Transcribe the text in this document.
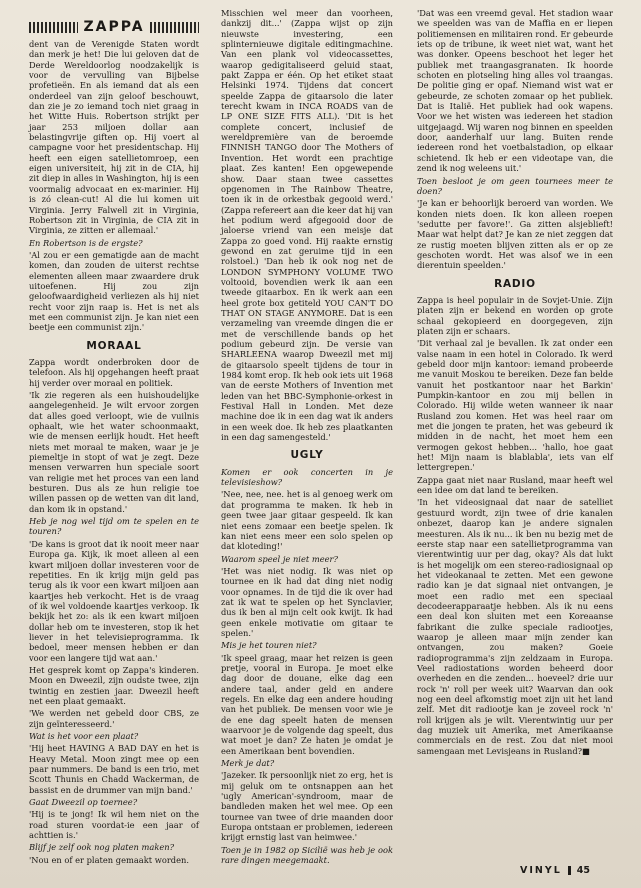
ZAPPA

dent van de Verenigde Staten wordt dan merk je het! Die lui geloven dat de Derde Wereldoorlog noodzakelijk is voor de vervulling van Bijbelse profetieën. En als iemand dat als een onderdeel van zijn geloof beschouwt, dan zie je zo iemand toch niet graag in het Witte Huis. Robertson strijkt per jaar 253 miljoen dollar aan belastingvrije giften op. Hij voert al campagne voor het presidentschap. Hij heeft een eigen satellietomroep, een eigen universiteit, hij zit in de CIA, hij zit diep in alles in Washington, hij is een voormalig advocaat en ex-marinier. Hij is zó clean-cut! Al die lui komen uit Virginia. Jerry Falwell zit in Virginia, Robertson zit in Virginia, de CIA zit in Virginia, ze zitten er allemaal.'

En Robertson is de ergste?

'Al zou er een gematigde aan de macht komen, dan zouden de uiterst rechtse elementen alleen maar zwaardere druk uitoefenen. Hij zou zijn geloofwaardigheid verliezen als hij niet recht voor zijn raap is. Het is net als met een communist zijn. Je kan niet een beetje een communist zijn.'

MORAAL

Zappa wordt onderbroken door de telefoon. Als hij opgehangen heeft praat hij verder over moraal en politiek.

'Ik zie regeren als een huishoudelijke aangelegenheid. Je wilt ervoor zorgen dat alles goed verloopt, wie de vuilnis ophaalt, wie het water schoonmaakt, wie de mensen eerlijk houdt. Het heeft niets met moraal te maken, waar je je piemeltje in stopt of wat je zegt. Deze mensen verwarren hun speciale soort van religie met het proces van een land besturen. Dus als ze hun religie toe willen passen op de wetten van dit land, dan kom ik in opstand.'

Heb je nog wel tijd om te spelen en te touren?

'De kans is groot dat ik nooit meer naar Europa ga. Kijk, ik moet alleen al een kwart miljoen dollar investeren voor de repetities. En ik krijg mijn geld pas terug als ik voor een kwart miljoen aan kaartjes heb verkocht. Het is de vraag of ik wel voldoende kaartjes verkoop. Ik bekijk het zo: als ik een kwart miljoen dollar heb om te investeren, stop ik het liever in het televisieprogramma. Ik bedoel, meer mensen hebben er dan voor een langere tijd wat aan.'

Het gesprek komt op Zappa's kinderen. Moon en Dweezil, zijn oudste twee, zijn twintig en zestien jaar. Dweezil heeft net een plaat gemaakt.

'We werden net gebeld door CBS, ze zijn geïnteresseerd.'

Wat is het voor een plaat?

'Hij heet HAVING A BAD DAY en het is Heavy Metal. Moon zingt mee op een paar nummers. De band is een trio, met Scott Thunis en Chadd Wackerman, de bassist en de drummer van mijn band.'

Gaat Dweezil op toernee?

'Hij is te jong! Ik wil hem niet on the road sturen voordat-ie een jaar of achttien is.'

Blijf je zelf ook nog platen maken?

'Nou en of er platen gemaakt worden.

Misschien wel meer dan voorheen, dankzij dit...' (Zappa wijst op zijn nieuwste investering, een splinternieuwe digitale editingmachine. Van een plank vol videocassettes, waarop gedigitaliseerd geluid staat, pakt Zappa er één. Op het etiket staat Helsinki 1974. Tijdens dat concert speelde Zappa de gitaarsolo die later terecht kwam in INCA ROADS van de LP ONE SIZE FITS ALL). 'Dit is het complete concert, inclusief de wereldpremière van de beroemde FINNISH TANGO door The Mothers of Invention. Het wordt een prachtige plaat. Zes kanten! Een opgewepende show. Daar staan twee cassettes opgenomen in The Rainbow Theatre, toen ik in de orkestbak gegooid werd.' (Zappa refereert aan die keer dat hij van het podium werd afgegooid door de jaloerse vriend van een meisje dat Zappa zo goed vond. Hij raakte ernstig gewond en zat geruime tijd in een rolstoel.) 'Dan heb ik ook nog net de LONDON SYMPHONY VOLUME TWO voltooid, bovendien werk ik aan een tweede gitaarbox. En ik werk aan een heel grote box getiteld YOU CAN'T DO THAT ON STAGE ANYMORE. Dat is een verzameling van vreemde dingen die er met de verschillende bands op het podium gebeurd zijn. De versie van SHARLEENA waarop Dweezil met mij de gitaarsolo speelt tijdens de tour in 1984 komt erop. Ik heb ook iets uit 1968 van de eerste Mothers of Invention met leden van het BBC-Symphonie-orkest in Festival Hall in Londen. Met deze machine doe ik in een dag wat ik anders in een week doe. Ik heb zes plaatkanten in een dag samengesteld.'

UGLY

Komen er ook concerten in je televisieshow?

'Nee, nee, nee. het is al genoeg werk om dat programma te maken. Ik heb in geen twee jaar gitaar gespeeld. Ik kan niet eens zomaar een beetje spelen. Ik kan niet eens meer een solo spelen op dat kloteding!'

Waarom speel je niet meer?

'Het was niet nodig. Ik was niet op tournee en ik had dat ding niet nodig voor opnames. In de tijd die ik over had zat ik wat te spelen op het Synclavier, dus ik ben al mijn celt ook kwijt. Ik had geen enkele motivatie om gitaar te spelen.'

Mis je het touren niet?

'Ik speel graag, maar het reizen is geen pretje, vooral in Europa. Je moet elke dag door de douane, elke dag een andere taal, ander geld en andere regels. En elke dag een andere houding van het publiek. De mensen voor wie je de ene dag speelt haten de mensen waarvoor je de volgende dag speelt, dus wat moet je dan? Ze haten je omdat je een Amerikaan bent bovendien.

Merk je dat?

'Jazeker. Ik persoonlijk niet zo erg, het is mij geluk om te ontsnappen aan het 'ugly American'-syndroom, maar de bandleden maken het wel mee. Op een tournee van twee of drie maanden door Europa ontstaan er problemen, iedereen krijgt ernstig last van heimwee.'

Toen je in 1982 op Sicilië was heb je ook rare dingen meegemaakt.

'Dat was een vreemd geval. Het stadion waar we speelden was van de Maffia en er liepen politiemensen en militairen rond. Er gebeurde iets op de tribune, ik weet niet wat, want het was donker. Opeens beschoot het leger het publiek met traangasgranaten. Ik hoorde schoten en plotseling hing alles vol traangas. De politie ging er opaf. Niemand wist wat er gebeurde, ze schoten zomaar op het publiek. Dat is Italië. Het publiek had ook wapens. Voor we het wisten was iedereen het stadion uitgejaagd. Wij waren nog binnen en speelden door, aanderhalf uur lang. Buiten rende iedereen rond het voetbalstadion, op elkaar schietend. Ik heb er een videotape van, die zend ik nog weleens uit.'

Toen besloot je om geen tournees meer te doen?

'Je kan er behoorlijk beroerd van worden. We konden niets doen. Ik kon alleen roepen 'sedutte per favore!'. Ga zitten alsjeblieft! Maar wat helpt dat? Je kan ze niet zeggen dat ze rustig moeten blijven zitten als er op ze geschoten wordt. Het was alsof we in een dierentuin speelden.'

RADIO

Zappa is heel populair in de Sovjet-Unie. Zijn platen zijn er bekend en worden op grote schaal gekopieerd en doorgegeven, zijn platen zijn er schaars.

'Dit verhaal zal je bevallen. Ik zat onder een valse naam in een hotel in Colorado. Ik werd gebeld door mijn kantoor: iemand probeerde me vanuit Moskou te bereiken. Deze fan belde vanuit het postkantoor naar het Barkin' Pumpkin-kantoor en zou mij bellen in Colorado. Hij wilde weten wanneer ik naar Rusland zou komen. Het was heel raar om met die jongen te praten, het was gebeurd ik midden in de nacht, het moet hem een vermogen gekost hebben... 'hallo, hoe gaat het! Mijn naam is blablabla', iets van elf lettergrepen.'

Zappa gaat niet naar Rusland, maar heeft wel een idee om dat land te bereiken.

'In het videosignaal dat naar de satelliet gestuurd wordt, zijn twee of drie kanalen onbezet, daarop kan je andere signalen meesturen. Als ik nu... ik ben nu bezig met de eerste stap naar een satellietprogramma van vierentwintig uur per dag, okay? Als dat lukt is het mogelijk om een stereo-radiosignaal op het videokanaal te zetten. Met een gewone radio kan je dat signaal niet ontvangen, je moet een radio met een speciaal decodeerapparaatje hebben. Als ik nu eens een deal kon sluiten met een Koreaanse fabrikant die zulke speciale radiootjes, waarop je alleen maar mijn zender kan ontvangen, zou maken? Goeie radioprogramma's zijn zeldzaam in Europa. Veel radiostations worden beheerd door overheden en die zenden... hoeveel? drie uur rock 'n' roll per week uit? Waarvan dan ook nog een deel afkomstig moet zijn uit het land zelf. Met dit radiootje kan je zoveel rock 'n' roll krijgen als je wilt. Vierentwintig uur per dag muziek uit Amerika, met Amerikaanse commercials en de rest. Zou dat niet mooi samengaan met Levisjeans in Rusland?■

VINYL 45
